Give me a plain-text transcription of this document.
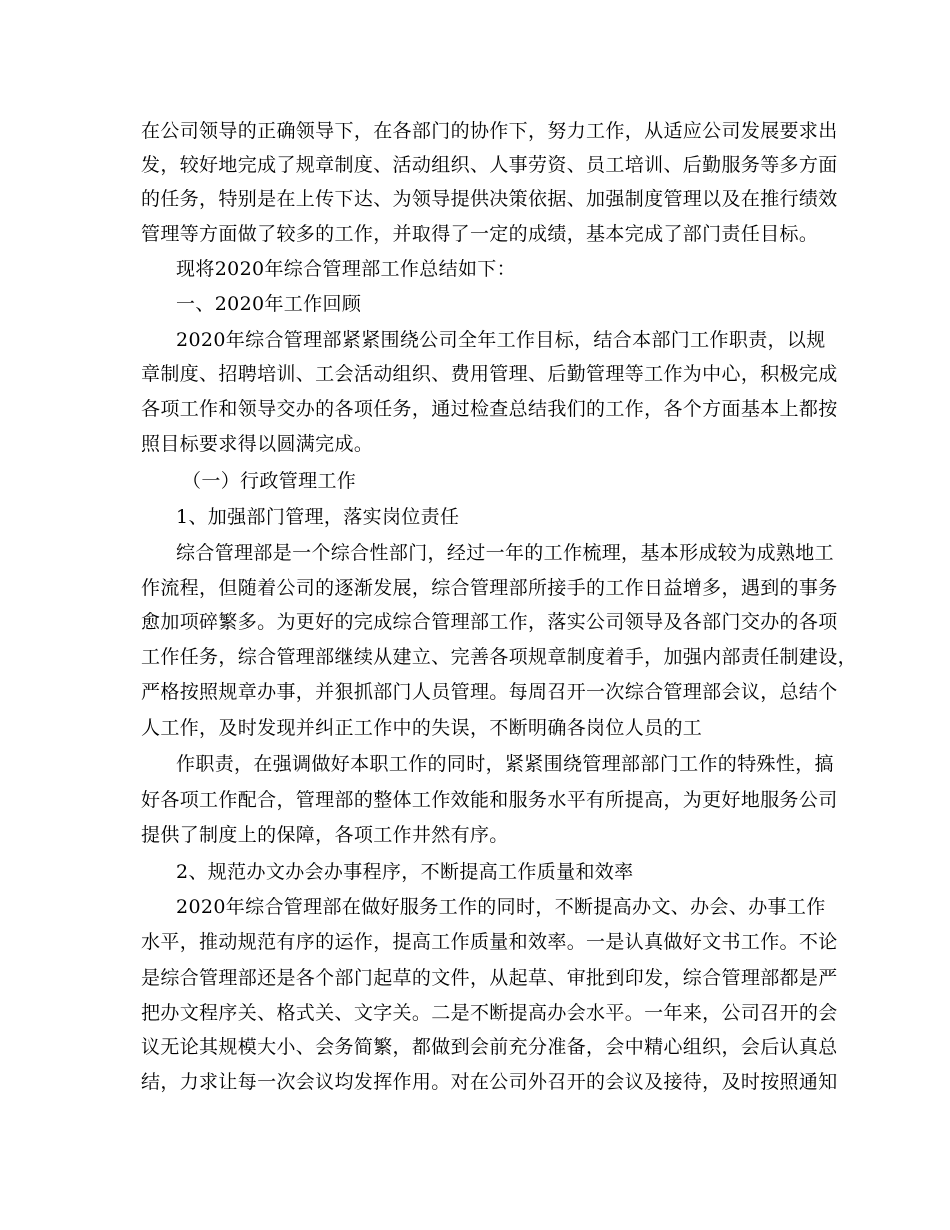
在公司领导的正确领导下，在各部门的协作下，努力工作，从适应公司发展要求出
发，较好地完成了规章制度、活动组织、人事劳资、员工培训、后勤服务等多方面
的任务，特别是在上传下达、为领导提供决策依据、加强制度管理以及在推行绩效
管理等方面做了较多的工作，并取得了一定的成绩，基本完成了部门责任目标。
现将2020年综合管理部工作总结如下：
一、2020年工作回顾
2020年综合管理部紧紧围绕公司全年工作目标，结合本部门工作职责，以规
章制度、招聘培训、工会活动组织、费用管理、后勤管理等工作为中心，积极完成
各项工作和领导交办的各项任务，通过检查总结我们的工作，各个方面基本上都按
照目标要求得以圆满完成。
（一）行政管理工作
1、加强部门管理，落实岗位责任
综合管理部是一个综合性部门，经过一年的工作梳理，基本形成较为成熟地工
作流程，但随着公司的逐渐发展，综合管理部所接手的工作日益增多，遇到的事务
愈加项碎繁多。为更好的完成综合管理部工作，落实公司领导及各部门交办的各项
工作任务，综合管理部继续从建立、完善各项规章制度着手，加强内部责任制建设，
严格按照规章办事，并狠抓部门人员管理。每周召开一次综合管理部会议，总结个
人工作，及时发现并纠正工作中的失误，不断明确各岗位人员的工
作职责，在强调做好本职工作的同时，紧紧围绕管理部部门工作的特殊性，搞
好各项工作配合，管理部的整体工作效能和服务水平有所提高，为更好地服务公司
提供了制度上的保障，各项工作井然有序。
2、规范办文办会办事程序，不断提高工作质量和效率
2020年综合管理部在做好服务工作的同时，不断提高办文、办会、办事工作
水平，推动规范有序的运作，提高工作质量和效率。一是认真做好文书工作。不论
是综合管理部还是各个部门起草的文件，从起草、审批到印发，综合管理部都是严
把办文程序关、格式关、文字关。二是不断提高办会水平。一年来，公司召开的会
议无论其规模大小、会务简繁，都做到会前充分准备，会中精心组织，会后认真总
结，力求让每一次会议均发挥作用。对在公司外召开的会议及接待，及时按照通知
